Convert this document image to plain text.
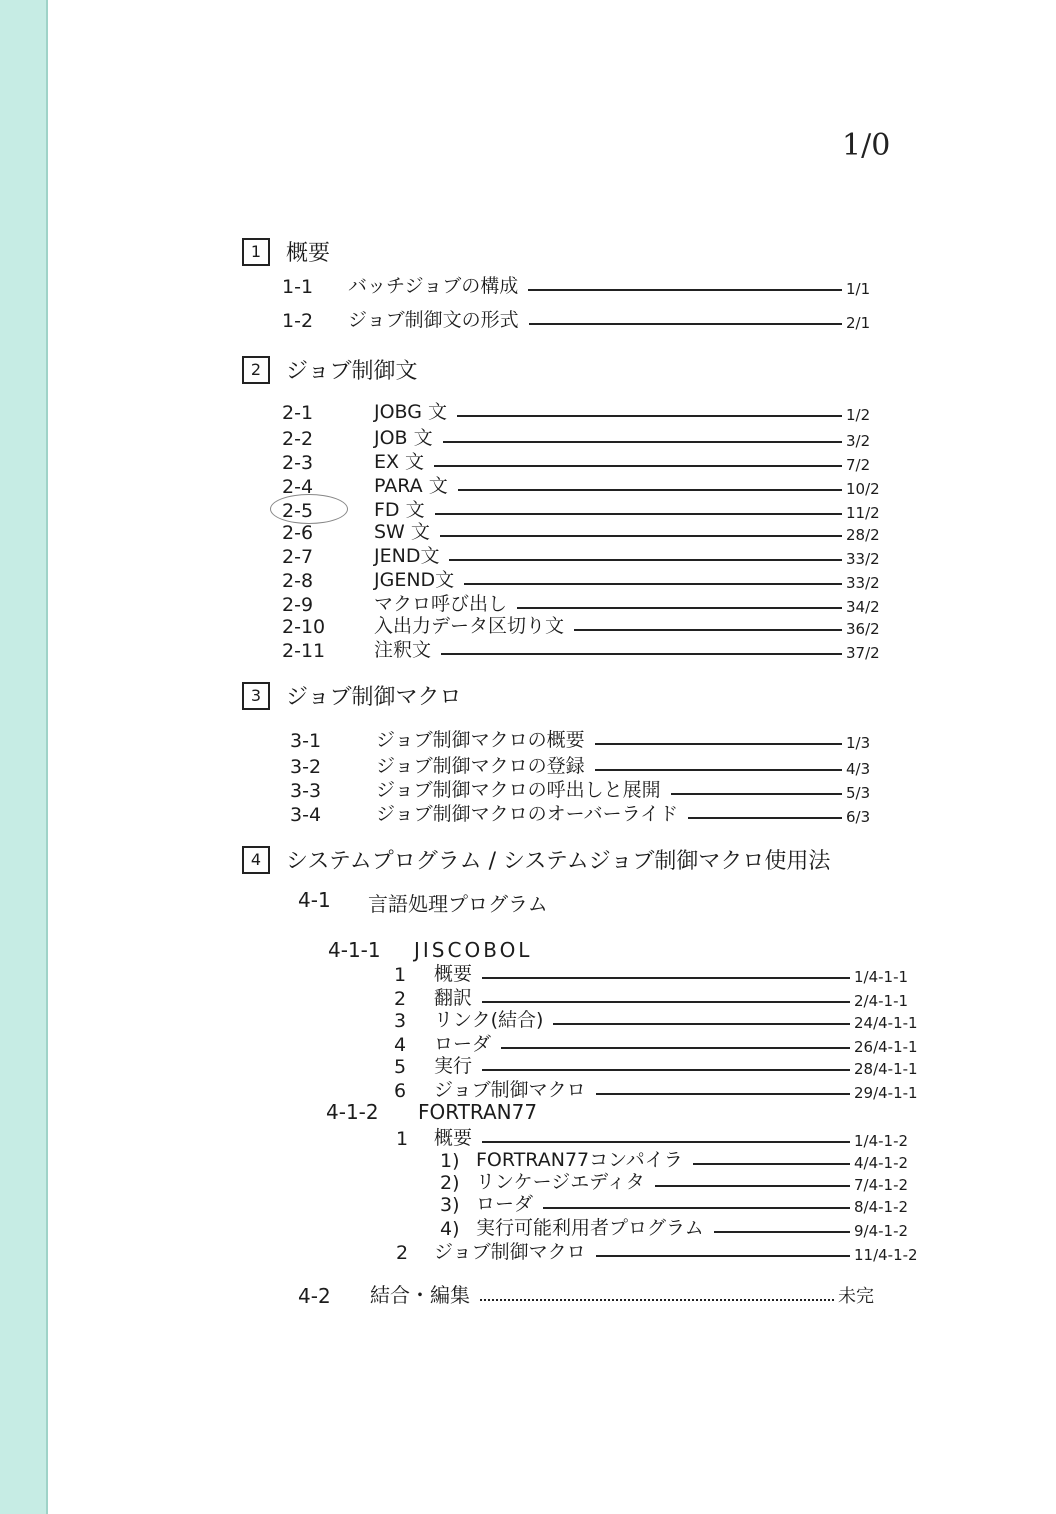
1/0
1	概要
1-1	バッチジョブの構成	1/1
1-2	ジョブ制御文の形式	2/1
2	ジョブ制御文
2-1	JOBG 文	1/2
2-2	JOB 文	3/2
2-3	EX 文	7/2
2-4	PARA 文	10/2
2-5	FD 文	11/2
2-6	SW 文	28/2
2-7	JEND文	33/2
2-8	JGEND文	33/2
2-9	マクロ呼び出し	34/2
2-10	入出力データ区切り文	36/2
2-11	注釈文	37/2
3	ジョブ制御マクロ
3-1	ジョブ制御マクロの概要	1/3
3-2	ジョブ制御マクロの登録	4/3
3-3	ジョブ制御マクロの呼出しと展開	5/3
3-4	ジョブ制御マクロのオーバーライド	6/3
4	システムプログラム / システムジョブ制御マクロ使用法
4-1	言語処理プログラム
4-1-1	JISCOBOL
1	概要	1/4-1-1
2	翻訳	2/4-1-1
3	リンク(結合)	24/4-1-1
4	ローダ	26/4-1-1
5	実行	28/4-1-1
6	ジョブ制御マクロ	29/4-1-1
4-1-2	FORTRAN77
1	概要	1/4-1-2
1) FORTRAN77コンパイラ	4/4-1-2
2) リンケージエディタ	7/4-1-2
3) ローダ	8/4-1-2
4) 実行可能利用者プログラム	9/4-1-2
2	ジョブ制御マクロ	11/4-1-2
4-2	結合・編集	未完
